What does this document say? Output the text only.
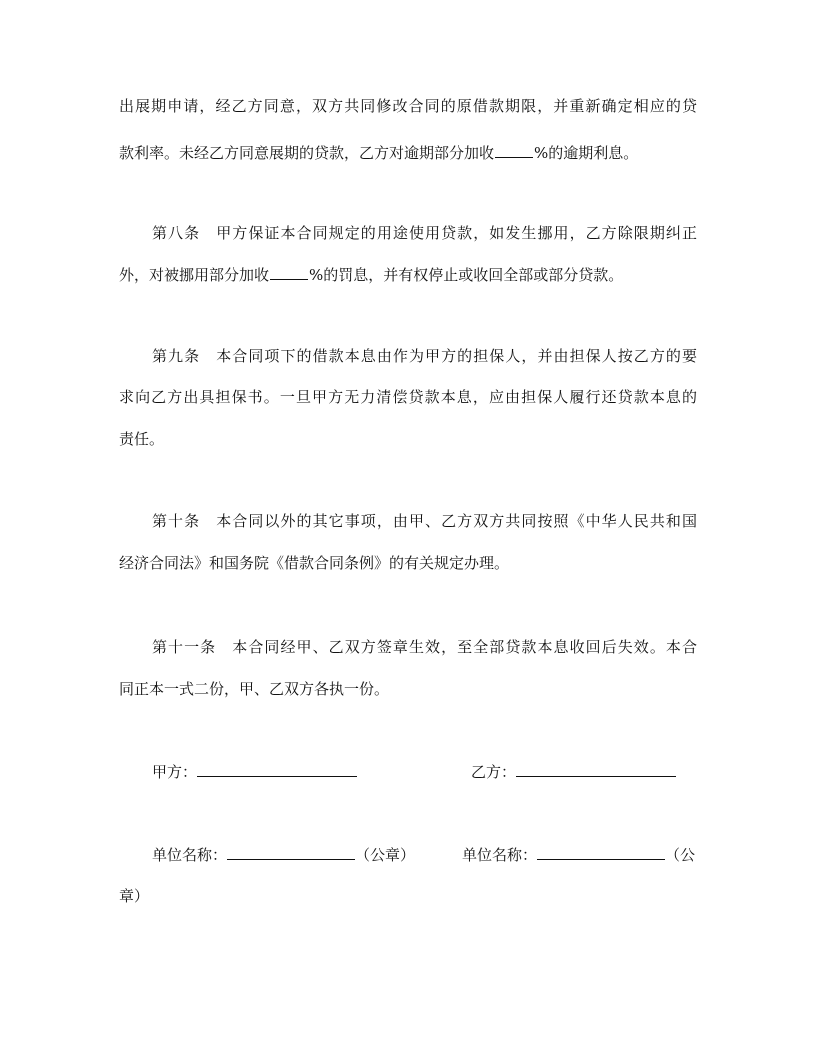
出展期申请，经乙方同意，双方共同修改合同的原借款期限，并重新确定相应的贷
款利率。未经乙方同意展期的贷款，乙方对逾期部分加收	%的逾期利息。
第八条　甲方保证本合同规定的用途使用贷款，如发生挪用，乙方除限期纠正
外，对被挪用部分加收	%的罚息，并有权停止或收回全部或部分贷款。
第九条　本合同项下的借款本息由作为甲方的担保人，并由担保人按乙方的要
求向乙方出具担保书。一旦甲方无力清偿贷款本息，应由担保人履行还贷款本息的
责任。
第十条　本合同以外的其它事项，由甲、乙方双方共同按照《中华人民共和国
经济合同法》和国务院《借款合同条例》的有关规定办理。
第十一条　本合同经甲、乙双方签章生效，至全部贷款本息收回后失效。本合
同正本一式二份，甲、乙双方各执一份。
甲方：	乙方：
单位名称：	（公章）	单位名称：	（公
章）
